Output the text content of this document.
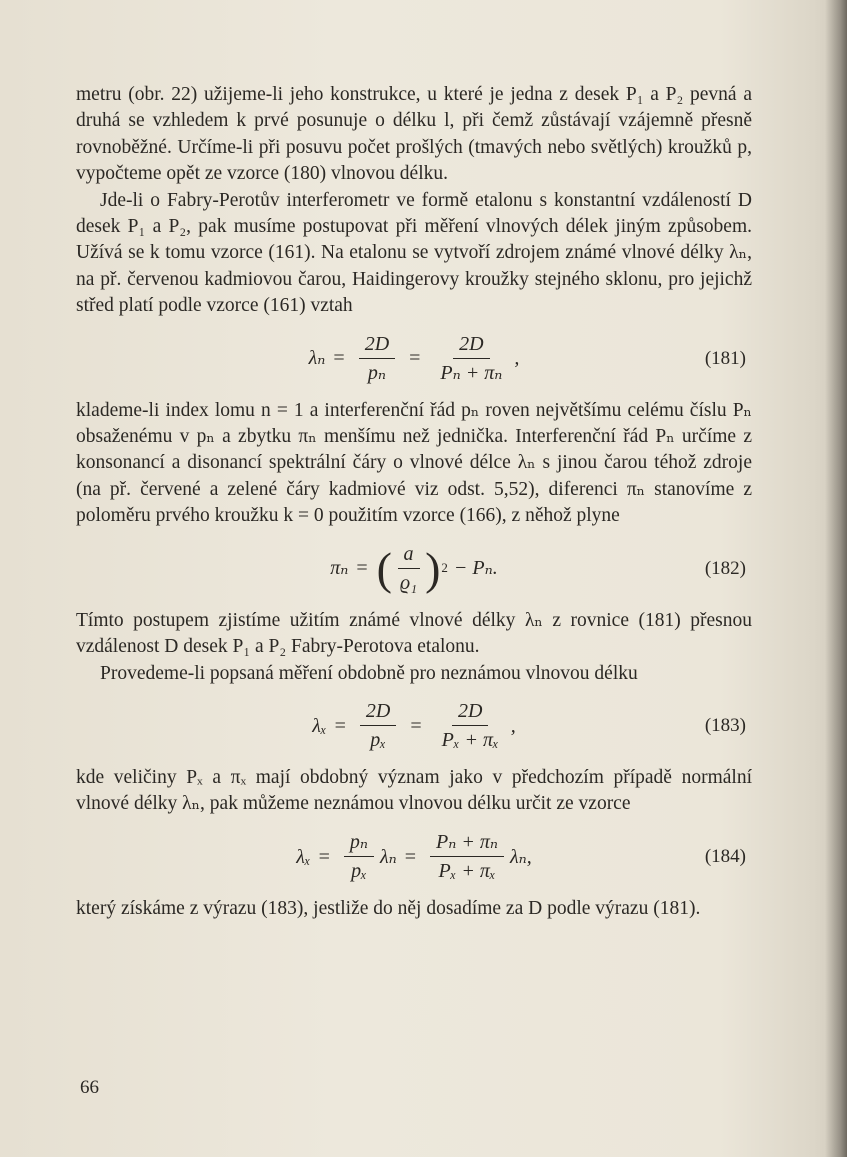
metru (obr. 22) užijeme-li jeho konstrukce, u které je jedna z desek P₁ a P₂ pevná a druhá se vzhledem k prvé posunuje o délku l, při čemž zůstávají vzájemně přesně rovnoběžné. Určíme-li při posuvu počet prošlých (tmavých nebo světlých) kroužků p, vypočteme opět ze vzorce (180) vlnovou délku.

Jde-li o Fabry-Perotův interferometr ve formě etalonu s konstantní vzdáleností D desek P₁ a P₂, pak musíme postupovat při měření vlnových délek jiným způsobem. Užívá se k tomu vzorce (161). Na etalonu se vytvoří zdrojem známé vlnové délky λₙ, na př. červenou kadmiovou čarou, Haidingerovy kroužky stejného sklonu, pro jejichž střed platí podle vzorce (161) vztah

$\lambda_n = \frac{2D}{\text{pₙ}} = \frac{2D}{\text{Pₙ + πₙ}}$ ,	(181)

klademe-li index lomu n = 1 a interferenční řád pₙ roven největšímu celému číslu Pₙ obsaženému v pₙ a zbytku πₙ menšímu než jednička. Interferenční řád Pₙ určíme z konsonancí a disonancí spektrální čáry o vlnové délce λₙ s jinou čarou téhož zdroje (na př. červené a zelené čáry kadmiové viz odst. 5,52), diferenci πₙ stanovíme z poloměru prvého kroužku k = 0 použitím vzorce (166), z něhož plyne

πₙ = ( $\frac{a}{\text{ϱ₁}}$ ) 2 − Pₙ.	(182)

Tímto postupem zjistíme užitím známé vlnové délky λₙ z rovnice (181) přesnou vzdálenost D desek P₁ a P₂ Fabry-Perotova etalonu.

Provedeme-li popsaná měření obdobně pro neznámou vlnovou délku

$\lambda_x = \frac{2D}{\text{pₓ}} = \frac{2D}{\text{Pₓ + πₓ}}$ ,	(183)

kde veličiny Pₓ a πₓ mají obdobný význam jako v předchozím případě normální vlnové délky λₙ, pak můžeme neznámou vlnovou délku určit ze vzorce

$\lambda_x = \frac{\text{pₙ}}{\text{pₓ}}$ $\lambda_n = \frac{\text{Pₙ + πₙ}}{\text{Pₓ + πₓ}} \lambda_n$,	(184)

který získáme z výrazu (183), jestliže do něj dosadíme za D podle výrazu (181).

66
